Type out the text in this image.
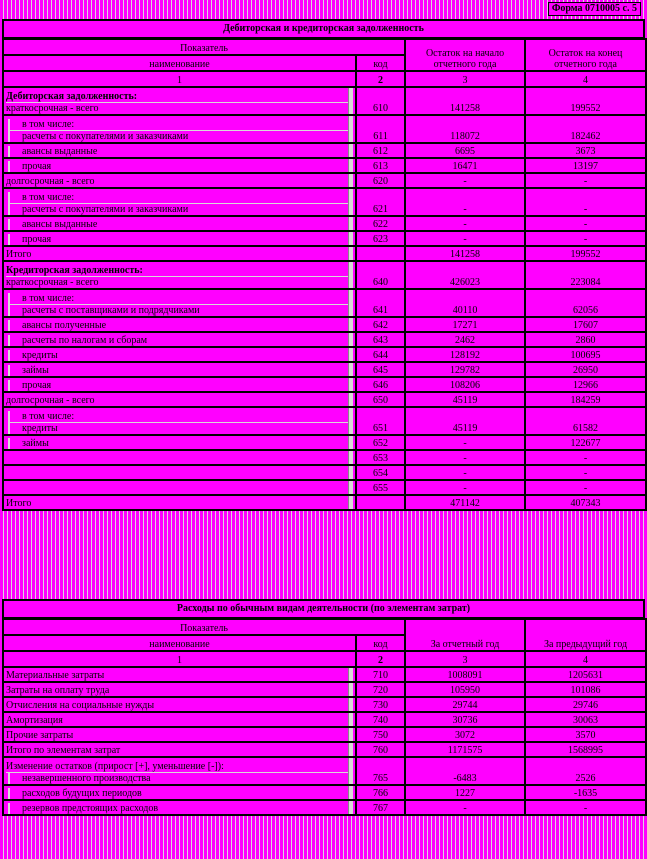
Форма 0710005 с. 5
Дебиторская и кредиторская задолженность
Показатель		Остаток на начало отчетного года	Остаток на конец отчетного года
наименование	код		
1	2	3	4

Дебиторская задолженность:
краткосрочная - всего	610	141258	199552

в том числе:
расчеты с покупателями и заказчиками	611	118072	182462

авансы выданные	612	6695	3673

прочая	613	16471	13197

долгосрочная - всего	620	-	-

в том числе:
расчеты с покупателями и заказчиками	621	-	-

авансы выданные	622	-	-

прочая	623	-	-

Итого		141258	199552

Кредиторская задолженность:
краткосрочная - всего	640	426023	223084

в том числе:
расчеты с поставщиками и подрядчиками	641	40110	62056

авансы полученные	642	17271	17607

расчеты по налогам и сборам	643	2462	2860

кредиты	644	128192	100695

займы	645	129782	26950

прочая	646	108206	12966

долгосрочная - всего	650	45119	184259

в том числе:
кредиты	651	45119	61582

займы	652	-	122677

	653	-	-

	654	-	-

	655	-	-

Итого		471142	407343
Расходы по обычным видам деятельности (по элементам затрат)
Показатель		За отчетный год	За предыдущий год
наименование	код		
1	2	3	4

Материальные затраты	710	1008091	1205631

Затраты на оплату труда	720	105950	101086

Отчисления на социальные нужды	730	29744	29746

Амортизация	740	30736	30063

Прочие затраты	750	3072	3570

Итого по элементам затрат	760	1171575	1568995

Изменение остатков (прирост [+], уменьшение [-]):
незавершенного производства	765	-6483	2526

расходов будущих периодов	766	1227	-1635

резервов предстоящих расходов	767	-	-
